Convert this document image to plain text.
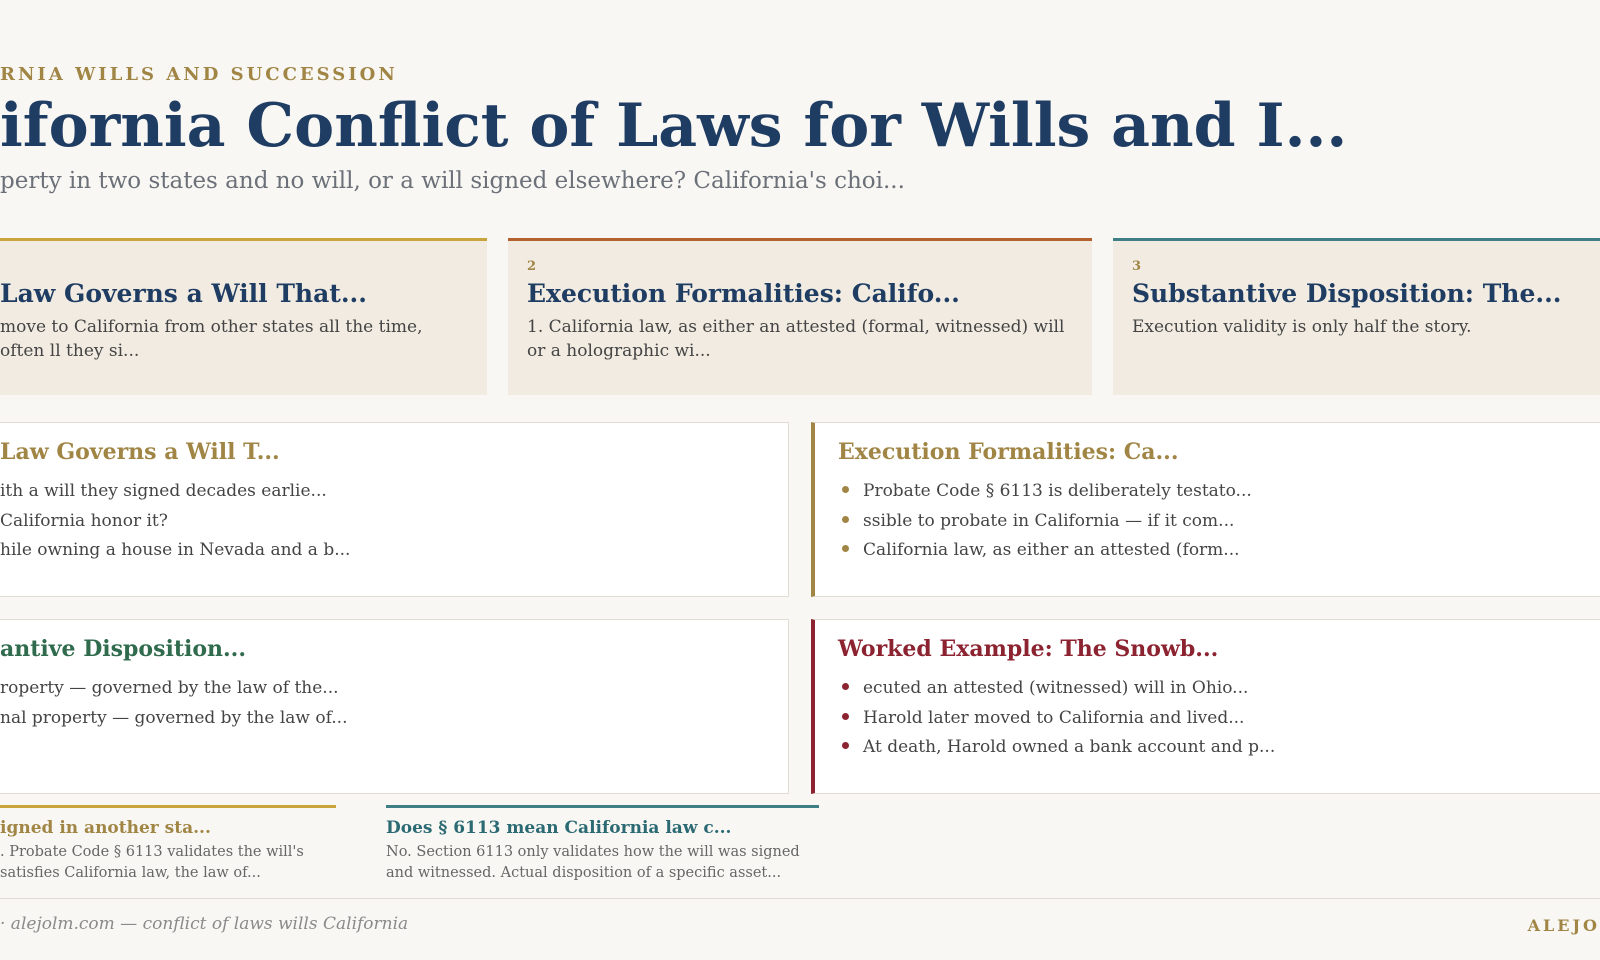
RNIA WILLS AND SUCCESSION
ifornia Conflict of Laws for Wills and I...
perty in two states and no will, or a will signed elsewhere? California's choi...
Law Governs a Will That...
move to California from other states all the time, often ll they si...
2
Execution Formalities: Califo...
1. California law, as either an attested (formal, witnessed) will or a holographic wi...
3
Substantive Disposition: The...
Execution validity is only half the story.
Law Governs a Will T...
ith a will they signed decades earlie...
California honor it?
hile owning a house in Nevada and a b...
Execution Formalities: Ca...
Probate Code § 6113 is deliberately testato...
ssible to probate in California — if it com...
California law, as either an attested (form...
antive Disposition...
roperty — governed by the law of the...
nal property — governed by the law of...
Worked Example: The Snowb...
ecuted an attested (witnessed) will in Ohio...
Harold later moved to California and lived...
At death, Harold owned a bank account and p...
igned in another sta...
. Probate Code § 6113 validates the will's satisfies California law, the law of...
Does § 6113 mean California law c...
No. Section 6113 only validates how the will was signed and witnessed. Actual disposition of a specific asset...
· alejolm.com — conflict of laws wills California	ALEJO
